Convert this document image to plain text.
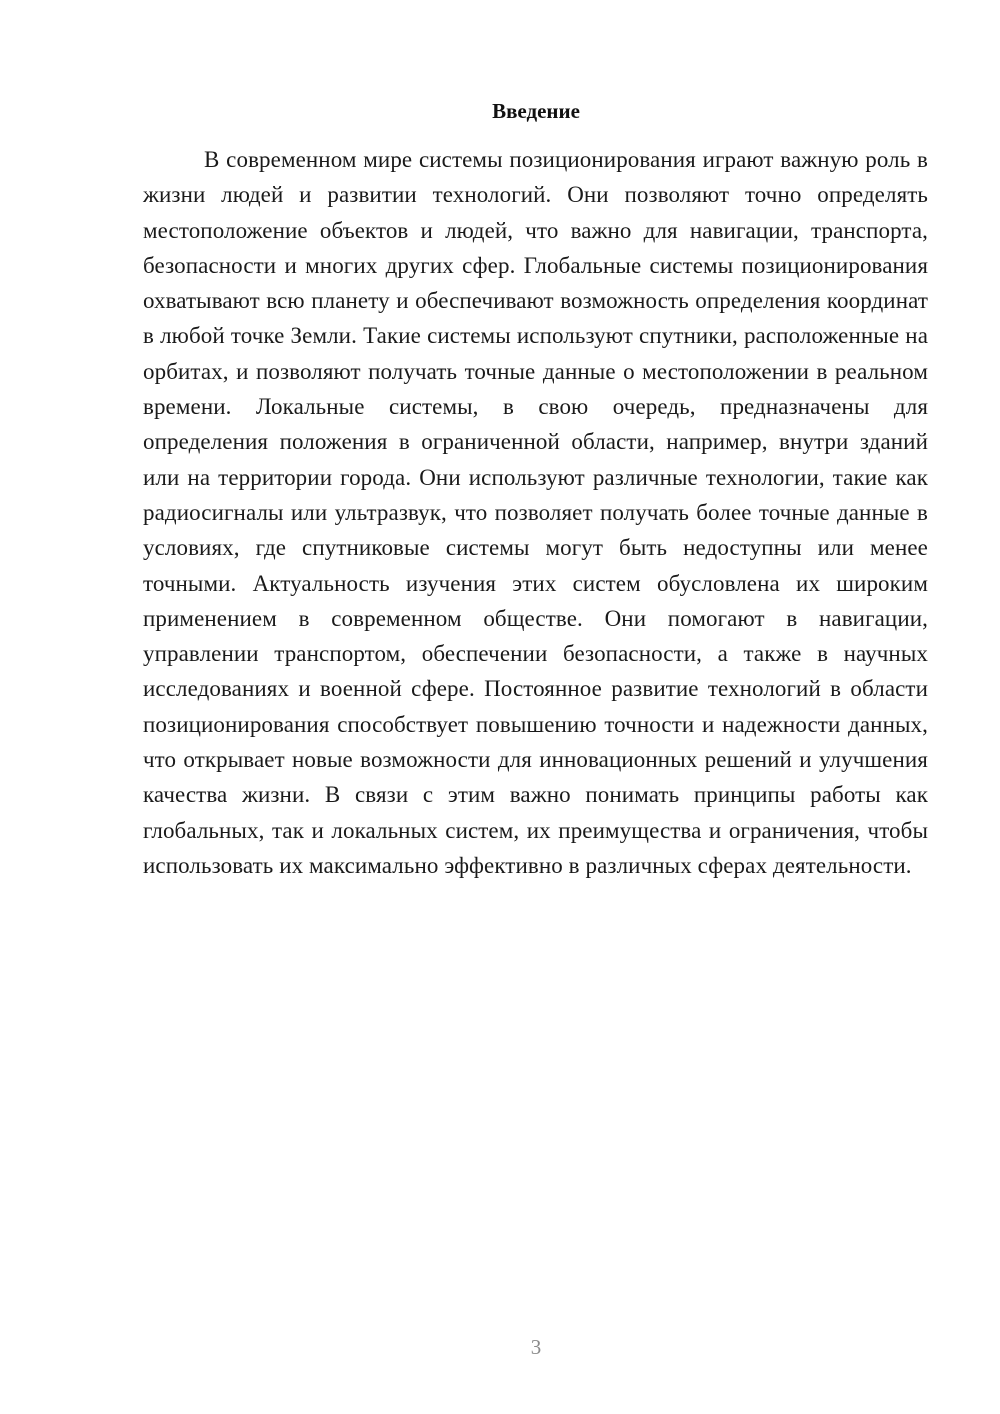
Введение

В современном мире системы позиционирования играют важную роль в жизни людей и развитии технологий. Они позволяют точно определять местоположение объектов и людей, что важно для навигации, транспорта, безопасности и многих других сфер. Глобальные системы позиционирования охватывают всю планету и обеспечивают возможность определения координат в любой точке Земли. Такие системы используют спутники, расположенные на орбитах, и позволяют получать точные данные о местоположении в реальном времени. Локальные системы, в свою очередь, предназначены для определения положения в ограниченной области, например, внутри зданий или на территории города. Они используют различные технологии, такие как радиосигналы или ультразвук, что позволяет получать более точные данные в условиях, где спутниковые системы могут быть недоступны или менее точными. Актуальность изучения этих систем обусловлена их широким применением в современном обществе. Они помогают в навигации, управлении транспортом, обеспечении безопасности, а также в научных исследованиях и военной сфере. Постоянное развитие технологий в области позиционирования способствует повышению точности и надежности данных, что открывает новые возможности для инновационных решений и улучшения качества жизни. В связи с этим важно понимать принципы работы как глобальных, так и локальных систем, их преимущества и ограничения, чтобы использовать их максимально эффективно в различных сферах деятельности.

3
